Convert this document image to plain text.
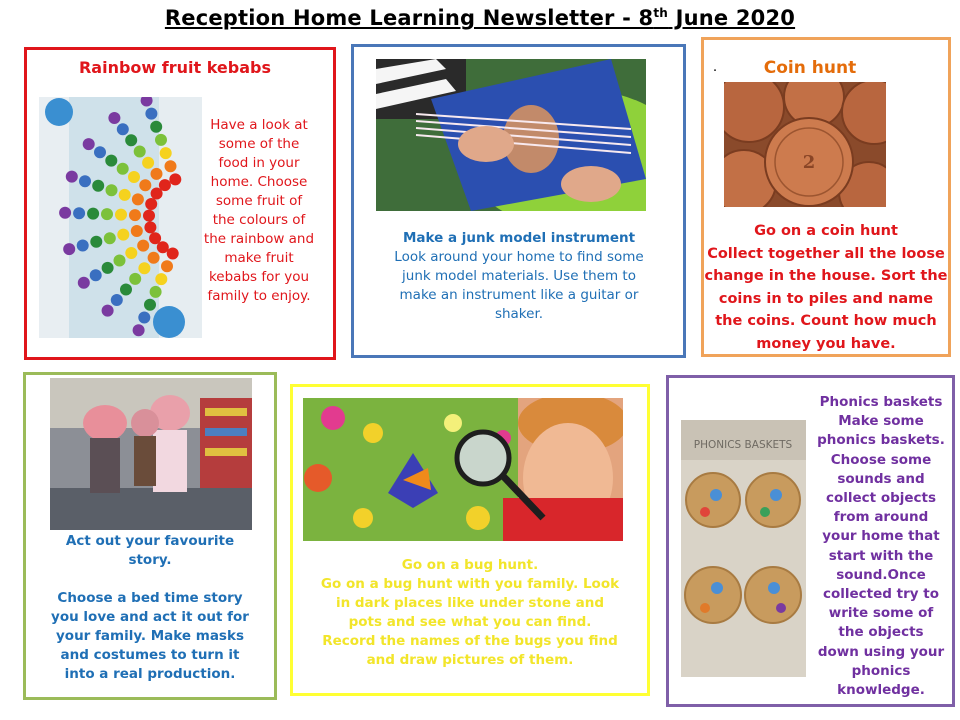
Reception Home Learning Newsletter - 8th June 2020
Rainbow fruit kebabs
Have a look at
some of the
food in your
home. Choose
some fruit of
the colours of
the rainbow and
make fruit
kebabs for you
family to enjoy.
Make a junk model instrument
Look around your home to find some
junk model materials. Use them to
make an instrument like a guitar or
shaker.
·	Coin hunt
2
Go on a coin hunt
Collect together all the loose
change in the house. Sort the
coins in to piles and name
the coins. Count how much
money you have.
Act out your favourite
story.

Choose a bed time story
you love and act it out for
your family. Make masks
and costumes to turn it
into a real production.
Go on a bug hunt.
Go on a bug hunt with you family. Look
in dark places like under stone and
pots and see what you can find.
Record the names of the bugs you find
and draw pictures of them.
PHONICS BASKETS
Phonics baskets
Make some
phonics baskets.
Choose some
sounds and
collect objects
from around
your home that
start with the
sound.Once
collected try to
write some of
the objects
down using your
phonics
knowledge.
